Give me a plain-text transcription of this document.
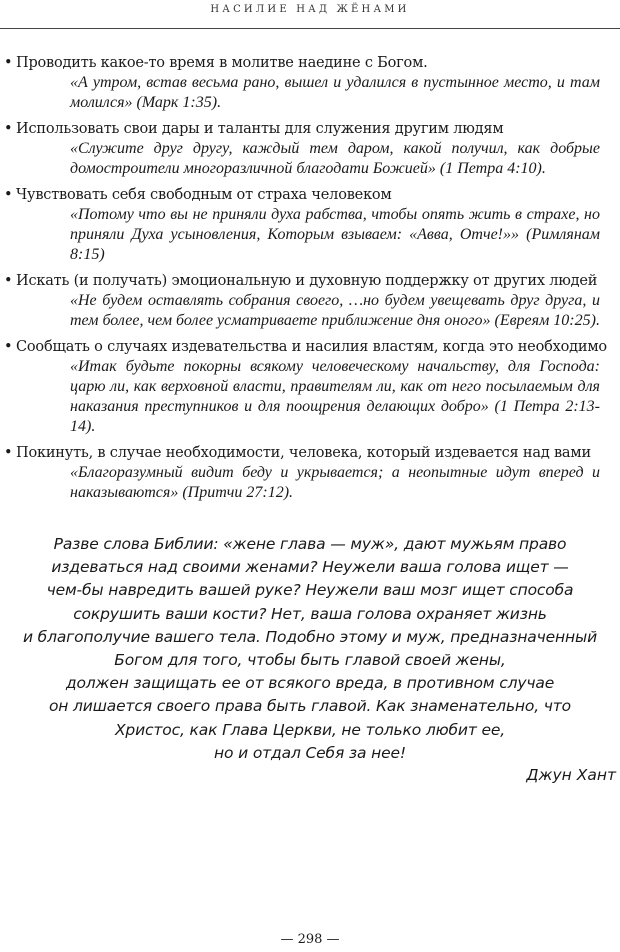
НАСИЛИЕ НАД ЖЁНАМИ
• Проводить какое-то время в молитве наедине с Богом.
«А утром, встав весьма рано, вышел и удалился в пустынное место, и там молился» (Марк 1:35).
• Использовать свои дары и таланты для служения другим людям
«Служите друг другу, каждый тем даром, какой получил, как добрые домостроители многоразличной благодати Божией» (1 Петра 4:10).
• Чувствовать себя свободным от страха человеком
«Потому что вы не приняли духа рабства, чтобы опять жить в страхе, но приняли Духа усыновления, Которым взываем: «Авва, Отче!»» (Римлянам 8:15)
• Искать (и получать) эмоциональную и духовную поддержку от других людей
«Не будем оставлять собрания своего, …но будем увещевать друг друга, и тем более, чем более усматриваете приближение дня оного» (Евреям 10:25).
• Сообщать о случаях издевательства и насилия властям, когда это необходимо
«Итак будьте покорны всякому человеческому начальству, для Господа: царю ли, как верховной власти, правителям ли, как от него посылаемым для наказания преступников и для поощрения делающих добро» (1 Петра 2:13-14).
• Покинуть, в случае необходимости, человека, который издевается над вами
«Благоразумный видит беду и укрывается; а неопытные идут вперед и наказываются» (Притчи 27:12).
Разве слова Библии: «жене глава — муж», дают мужьям право
издеваться над своими женами? Неужели ваша голова ищет —
чем-бы навредить вашей руке? Неужели ваш мозг ищет способа
сокрушить ваши кости? Нет, ваша голова охраняет жизнь
и благополучие вашего тела. Подобно этому и муж, предназначенный
Богом для того, чтобы быть главой своей жены,
должен защищать ее от всякого вреда, в противном случае
он лишается своего права быть главой. Как знаменательно, что
Христос, как Глава Церкви, не только любит ее,
но и отдал Себя за нее!
Джун Хант
— 298 —
